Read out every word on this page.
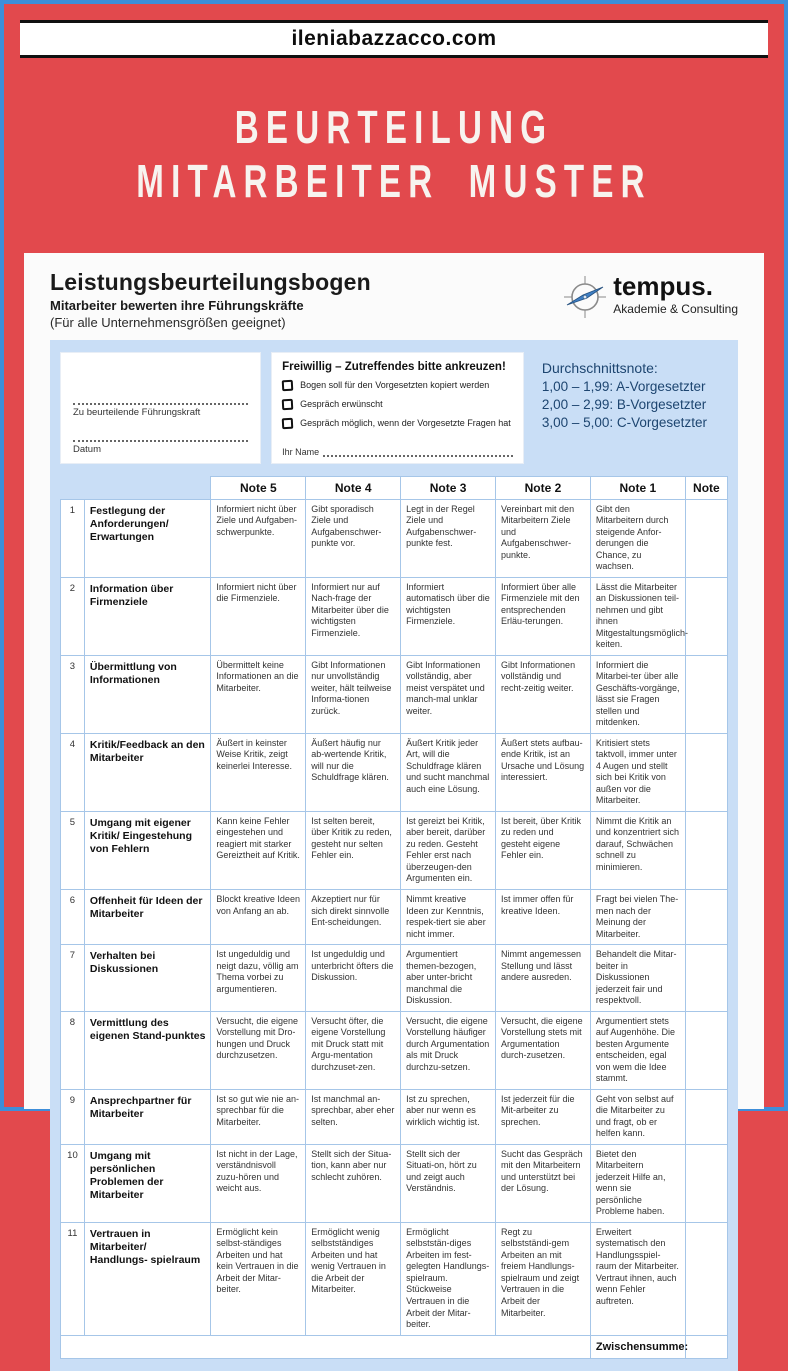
ileniabazzacco.com
BEURTEILUNG
MITARBEITER MUSTER
Leistungsbeurteilungsbogen
Mitarbeiter bewerten ihre Führungskräfte
(Für alle Unternehmensgrößen geeignet)
tempus.
Akademie & Consulting
Zu beurteilende Führungskraft
Datum
Freiwillig – Zutreffendes bitte ankreuzen!
Bogen soll für den Vorgesetzten kopiert werden
Gespräch erwünscht
Gespräch möglich, wenn der Vorgesetzte Fragen hat
Ihr Name
Durchschnittsnote:
1,00 – 1,99: A-Vorgesetzter
2,00 – 2,99: B-Vorgesetzter
3,00 – 5,00: C-Vorgesetzter
		Note 5	Note 4	Note 3	Note 2	Note 1	Note
1	Festlegung der Anforderungen/ Erwartungen	Informiert nicht über Ziele und Aufgaben-schwerpunkte.	Gibt sporadisch Ziele und Aufgabenschwer-punkte vor.	Legt in der Regel Ziele und Aufgabenschwer-punkte fest.	Vereinbart mit den Mitarbeitern Ziele und Aufgabenschwer-punkte.	Gibt den Mitarbeitern durch steigende Anfor-derungen die Chance, zu wachsen.	
2	Information über Firmenziele	Informiert nicht über die Firmenziele.	Informiert nur auf Nach-frage der Mitarbeiter über die wichtigsten Firmenziele.	Informiert automatisch über die wichtigsten Firmenziele.	Informiert über alle Firmenziele mit den entsprechenden Erläu-terungen.	Lässt die Mitarbeiter an Diskussionen teil-nehmen und gibt ihnen Mitgestaltungsmöglich-keiten.	
3	Übermittlung von Informationen	Übermittelt keine Informationen an die Mitarbeiter.	Gibt Informationen nur unvollständig weiter, hält teilweise Informa-tionen zurück.	Gibt Informationen vollständig, aber meist verspätet und manch-mal unklar weiter.	Gibt Informationen vollständig und recht-zeitig weiter.	Informiert die Mitarbei-ter über alle Geschäfts-vorgänge, lässt sie Fragen stellen und mitdenken.	
4	Kritik/Feedback an den Mitarbeiter	Äußert in keinster Weise Kritik, zeigt keinerlei Interesse.	Äußert häufig nur ab-wertende Kritik, will nur die Schuldfrage klären.	Äußert Kritik jeder Art, will die Schuldfrage klären und sucht manchmal auch eine Lösung.	Äußert stets aufbau-ende Kritik, ist an Ursache und Lösung interessiert.	Kritisiert stets taktvoll, immer unter 4 Augen und stellt sich bei Kritik von außen vor die Mitarbeiter.	
5	Umgang mit eigener Kritik/ Eingestehung von Fehlern	Kann keine Fehler eingestehen und reagiert mit starker Gereiztheit auf Kritik.	Ist selten bereit, über Kritik zu reden, gesteht nur selten Fehler ein.	Ist gereizt bei Kritik, aber bereit, darüber zu reden. Gesteht Fehler erst nach überzeugen-den Argumenten ein.	Ist bereit, über Kritik zu reden und gesteht eigene Fehler ein.	Nimmt die Kritik an und konzentriert sich darauf, Schwächen schnell zu minimieren.	
6	Offenheit für Ideen der Mitarbeiter	Blockt kreative Ideen von Anfang an ab.	Akzeptiert nur für sich direkt sinnvolle Ent-scheidungen.	Nimmt kreative Ideen zur Kenntnis, respek-tiert sie aber nicht immer.	Ist immer offen für kreative Ideen.	Fragt bei vielen The-men nach der Meinung der Mitarbeiter.	
7	Verhalten bei Diskussionen	Ist ungeduldig und neigt dazu, völlig am Thema vorbei zu argumentieren.	Ist ungeduldig und unterbricht öfters die Diskussion.	Argumentiert themen-bezogen, aber unter-bricht manchmal die Diskussion.	Nimmt angemessen Stellung und lässt andere ausreden.	Behandelt die Mitar-beiter in Diskussionen jederzeit fair und respektvoll.	
8	Vermittlung des eigenen Stand-punktes	Versucht, die eigene Vorstellung mit Dro-hungen und Druck durchzusetzen.	Versucht öfter, die eigene Vorstellung mit Druck statt mit Argu-mentation durchzuset-zen.	Versucht, die eigene Vorstellung häufiger durch Argumentation als mit Druck durchzu-setzen.	Versucht, die eigene Vorstellung stets mit Argumentation durch-zusetzen.	Argumentiert stets auf Augenhöhe. Die besten Argumente entscheiden, egal von wem die Idee stammt.	
9	Ansprechpartner für Mitarbeiter	Ist so gut wie nie an-sprechbar für die Mitarbeiter.	Ist manchmal an-sprechbar, aber eher selten.	Ist zu sprechen, aber nur wenn es wirklich wichtig ist.	Ist jederzeit für die Mit-arbeiter zu sprechen.	Geht von selbst auf die Mitarbeiter zu und fragt, ob er helfen kann.	
10	Umgang mit persönlichen Problemen der Mitarbeiter	Ist nicht in der Lage, verständnisvoll zuzu-hören und weicht aus.	Stellt sich der Situa-tion, kann aber nur schlecht zuhören.	Stellt sich der Situati-on, hört zu und zeigt auch Verständnis.	Sucht das Gespräch mit den Mitarbeitern und unterstützt bei der Lösung.	Bietet den Mitarbeitern jederzeit Hilfe an, wenn sie persönliche Probleme haben.	
11	Vertrauen in Mitarbeiter/ Handlungs- spielraum	Ermöglicht kein selbst-ständiges Arbeiten und hat kein Vertrauen in die Arbeit der Mitar-beiter.	Ermöglicht wenig selbstständiges Arbeiten und hat wenig Vertrauen in die Arbeit der Mitarbeiter.	Ermöglicht selbststän-diges Arbeiten im fest-gelegten Handlungs-spielraum. Stückweise Vertrauen in die Arbeit der Mitar-beiter.	Regt zu selbstständi-gem Arbeiten an mit freiem Handlungs-spielraum und zeigt Vertrauen in die Arbeit der Mitarbeiter.	Erweitert systematisch den Handlungsspiel-raum der Mitarbeiter. Vertraut ihnen, auch wenn Fehler auftreten.	
						Zwischensumme:	
